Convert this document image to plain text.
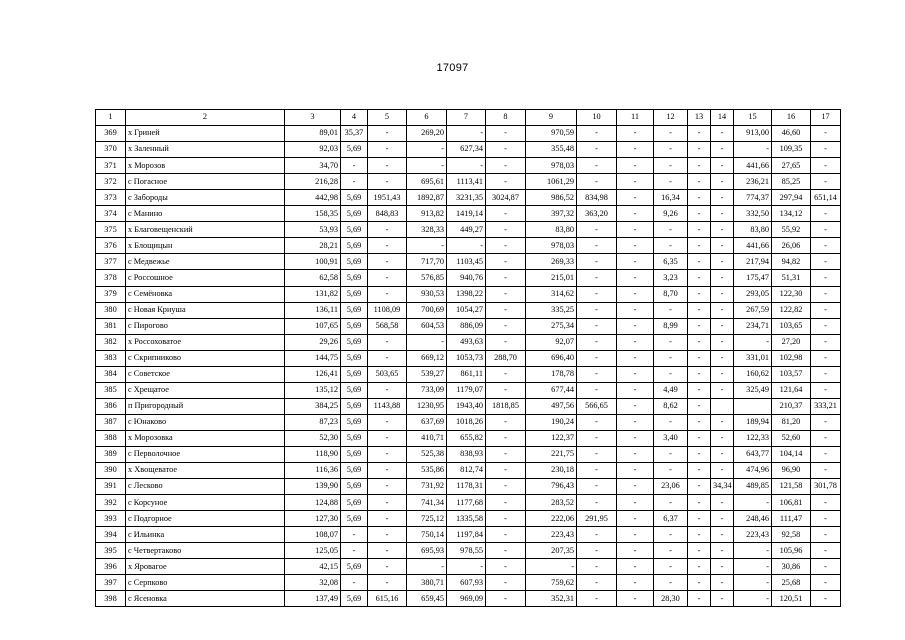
17097
1	2	3	4	5	6	7	8	9	10	11	12	13	14	15	16	17
369	х Гриней	89,01	35,37	-	269,20	-	-	970,59	-	-	-	-	-	913,00	46,60	-
370	х Заленный	92,03	5,69	-	-	627,34	-	355,48	-	-	-	-	-	-	109,35	-
371	х Морозов	34,70	-	-	-	-	-	978,03	-	-	-	-	-	441,66	27,65	-
372	с Погасное	216,28	-	-	695,61	1113,41	-	1061,29	-	-	-	-	-	236,21	85,25	-
373	с Забороды	442,98	5,69	1951,43	1892,87	3231,35	3024,87	986,52	834,98	-	16,34	-	-	774,37	297,94	651,14
374	с Манино	158,35	5,69	848,83	913,82	1419,14	-	397,32	363,20	-	9,26	-	-	332,50	134,12	-
375	х Благовещенский	53,93	5,69	-	328,33	449,27	-	83,80	-	-	-	-	-	83,80	55,92	-
376	х Блощицын	28,21	5,69	-	-	-	-	978,03	-	-	-	-	-	441,66	26,06	-
377	с Медвежье	100,91	5,69	-	717,70	1103,45	-	269,33	-	-	6,35	-	-	217,94	94,82	-
378	с Россошное	62,58	5,69	-	576,85	940,76	-	215,01	-	-	3,23	-	-	175,47	51,31	-
379	с Семёновка	131,82	5,69	-	930,53	1398,22	-	314,62	-	-	8,70	-	-	293,05	122,30	-
380	с Новая Криуша	136,11	5,69	1108,09	700,69	1054,27	-	335,25	-	-	-	-	-	267,59	122,82	-
381	с Пирогово	107,65	5,69	568,58	604,53	886,09	-	275,34	-	-	8,99	-	-	234,71	103,65	-
382	х Россоховатое	29,26	5,69	-	-	493,63	-	92,07	-	-	-	-	-	-	27,20	-
383	с Скрипниково	144,75	5,69	-	669,12	1053,73	288,70	696,40	-	-	-	-	-	331,01	102,98	-
384	с Советское	126,41	5,69	503,65	539,27	861,11	-	178,78	-	-	-	-	-	160,62	103,57	-
385	с Хрещатое	135,12	5,69	-	733,09	1179,07	-	677,44	-	-	4,49	-	-	325,49	121,64	-
386	п Пригородный	384,25	5,69	1143,88	1230,95	1943,40	1818,85	497,56	566,65	-	8,62	-			210,37	333,21
387	с Юнаково	87,23	5,69	-	637,69	1018,26	-	190,24	-	-	-	-	-	189,94	81,20	-
388	х Морозовка	52,30	5,69	-	410,71	655,82	-	122,37	-	-	3,40	-	-	122,33	52,60	-
389	с Перволочное	118,90	5,69	-	525,38	838,93	-	221,75	-	-	-	-	-	643,77	104,14	-
390	х Хвощеватое	116,36	5,69	-	535,86	812,74	-	230,18	-	-	-	-	-	474,96	96,90	-
391	с Лесково	139,90	5,69	-	731,92	1178,31	-	796,43	-	-	23,06	-	34,34	489,85	121,58	301,78
392	с Корсуное	124,88	5,69	-	741,34	1177,68	-	283,52	-	-	-	-	-	-	106,81	-
393	с Подгорное	127,30	5,69	-	725,12	1335,58	-	222,06	291,95	-	6,37	-	-	248,46	111,47	-
394	с Ильинка	108,07	-	-	750,14	1197,84	-	223,43	-	-	-	-	-	223,43	92,58	-
395	с Четвертаково	125,05	-	-	695,93	978,55	-	207,35	-	-	-	-	-	-	105,96	-
396	х Яровагое	42,15	5,69	-	-	-	-	-	-	-	-	-	-	-	30,86	-
397	с Серпково	32,08	-	-	380,71	607,93	-	759,62	-	-	-	-	-	-	25,68	-
398	с Ясеновка	137,49	5,69	615,16	659,45	969,09	-	352,31	-	-	28,30	-	-	-	120,51	-
